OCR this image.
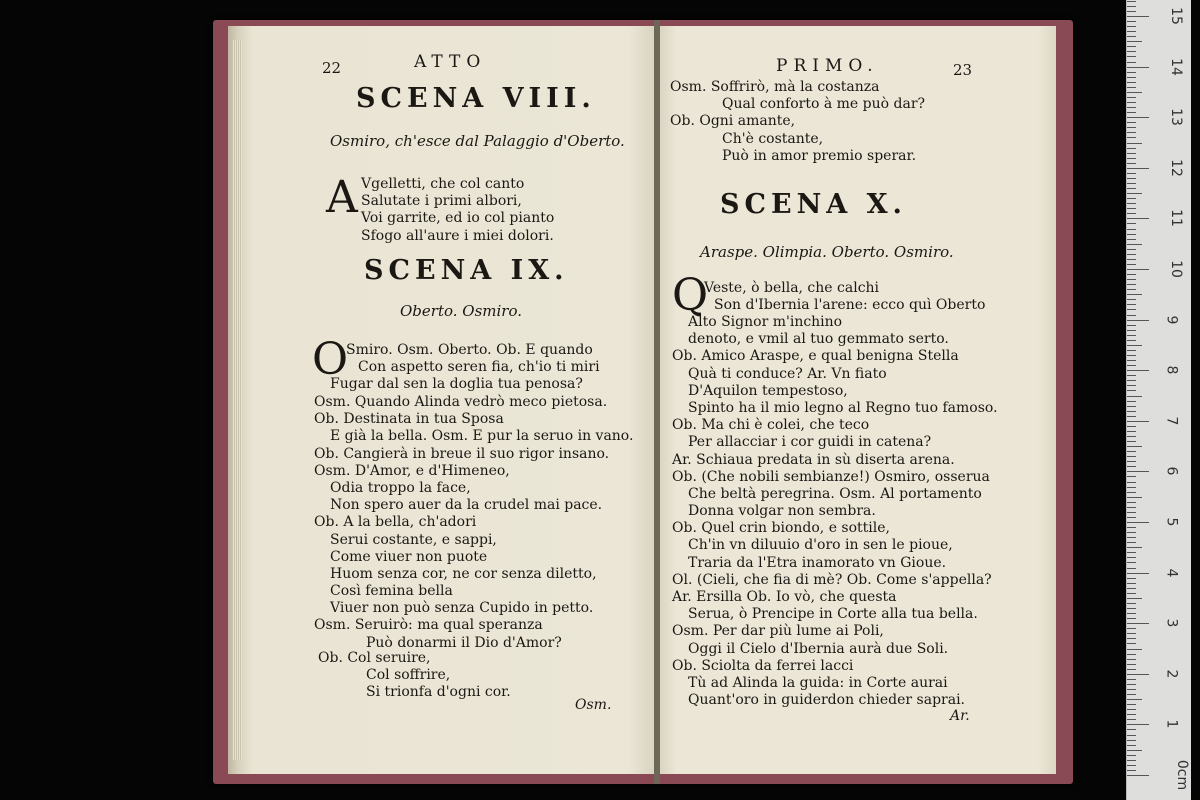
22	ATTO
SCENA VIII.
Osmiro, ch'esce dal Palaggio d'Oberto.
A Vgelletti, che col canto
Salutate i primi albori,
Voi garrite, ed io col pianto
Sfogo all'aure i miei dolori.
SCENA IX.
Oberto. Osmiro.
O
Smiro. Osm. Oberto. Ob. E quando
Con aspetto seren fia, ch'io ti miri
Fugar dal sen la doglia tua penosa?
Osm. Quando Alinda vedrò meco pietosa.
Ob. Destinata in tua Sposa
E già la bella. Osm. E pur la seruo in vano.
Ob. Cangierà in breue il suo rigor insano.
Osm. D'Amor, e d'Himeneo,
Odia troppo la face,
Non spero auer da la crudel mai pace.
Ob. A la bella, ch'adori
Serui costante, e sappi,
Come viuer non puote
Huom senza cor, ne cor senza diletto,
Così femina bella
Viuer non può senza Cupido in petto.
Osm. Seruirò: ma qual speranza
Può donarmi il Dio d'Amor?
Ob. Col seruire,
Col soffrire,
Si trionfa d'ogni cor.
Osm.
PRIMO.	23
Osm. Soffrirò, mà la costanza
Qual conforto à me può dar?
Ob. Ogni amante,
Ch'è costante,
Può in amor premio sperar.
SCENA X.
Araspe. Olimpia. Oberto. Osmiro.
Q
Veste, ò bella, che calchi
Son d'Ibernia l'arene: ecco quì Oberto
Alto Signor m'inchino
denoto, e vmil al tuo gemmato serto.
Ob. Amico Araspe, e qual benigna Stella
Quà ti conduce? Ar. Vn fiato
D'Aquilon tempestoso,
Spinto ha il mio legno al Regno tuo famoso.
Ob. Ma chi è colei, che teco
Per allacciar i cor guidi in catena?
Ar. Schiaua predata in sù diserta arena.
Ob. (Che nobili sembianze!) Osmiro, osserua
Che beltà peregrina. Osm. Al portamento
Donna volgar non sembra.
Ob. Quel crin biondo, e sottile,
Ch'in vn diluuio d'oro in sen le pioue,
Traria da l'Etra inamorato vn Gioue.
Ol. (Cieli, che fia di mè? Ob. Come s'appella?
Ar. Ersilla Ob. Io vò, che questa
Serua, ò Prencipe in Corte alla tua bella.
Osm. Per dar più lume ai Poli,
Oggi il Cielo d'Ibernia aurà due Soli.
Ob. Sciolta da ferrei lacci
Tù ad Alinda la guida: in Corte aurai
Quant'oro in guiderdon chieder saprai.
Ar.
0cm
1
2
3
4
5
6
7
8
9
10
11
12
13
14
15
